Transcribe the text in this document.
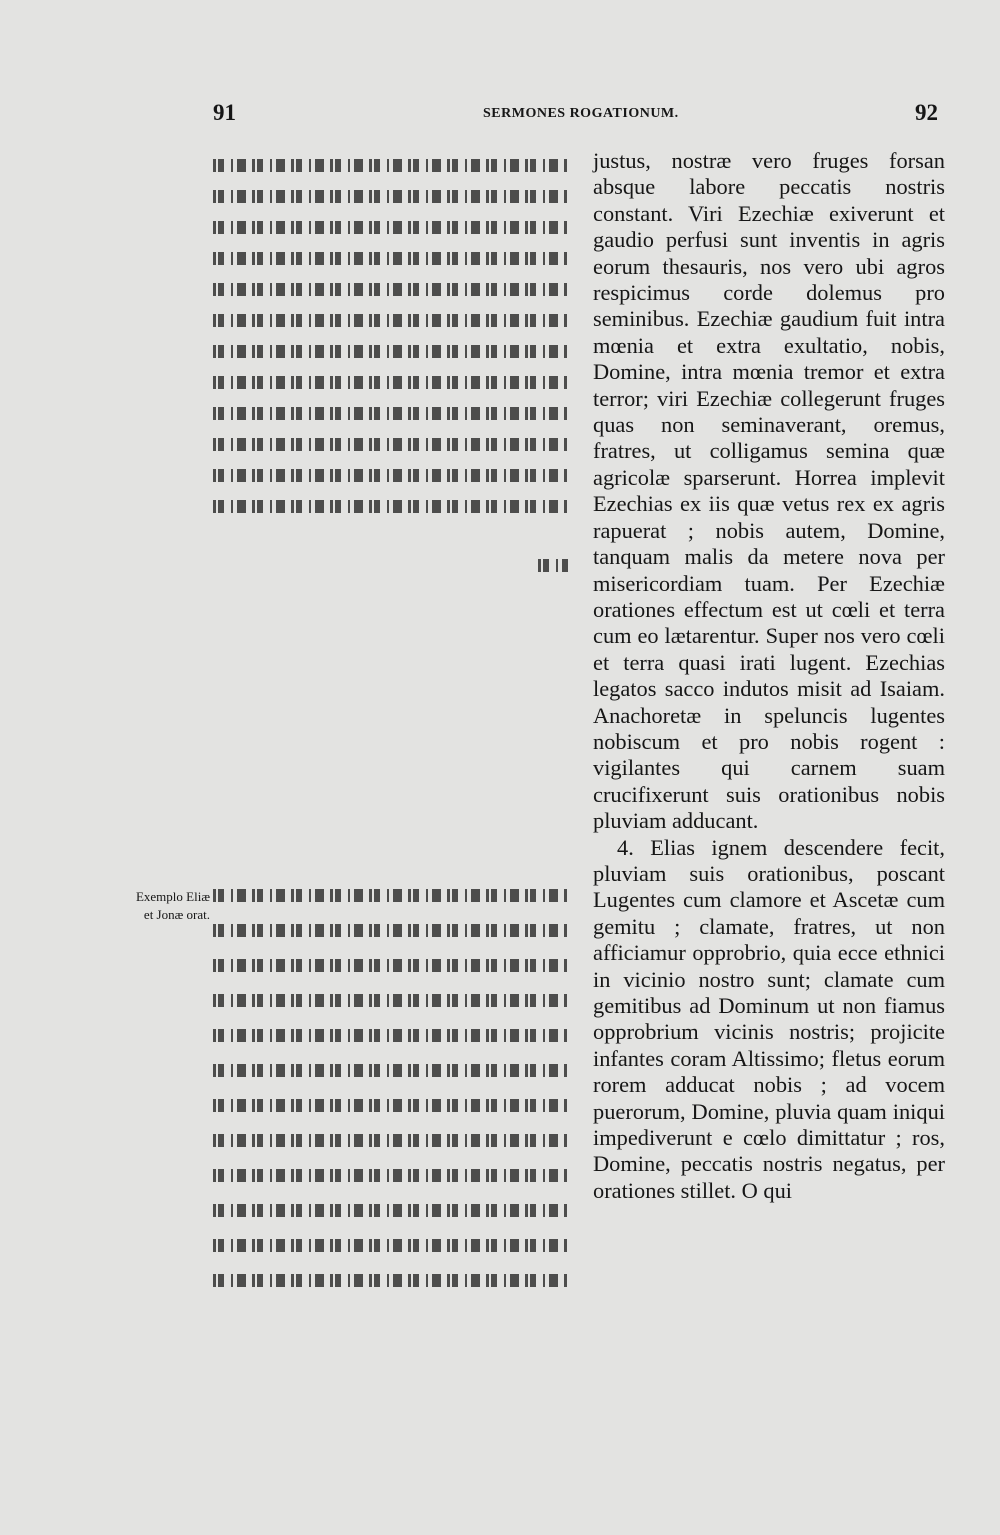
91	SERMONES ROGATIONUM.	92
Exemplo Eliæ et Jonæ orat.

justus, nostræ vero fruges forsan absque labore peccatis nostris constant. Viri Ezechiæ exiverunt et gaudio perfusi sunt inventis in agris eorum thesauris, nos vero ubi agros respicimus corde dolemus pro seminibus. Ezechiæ gaudium fuit intra mœnia et extra exultatio, nobis, Domine, intra mœnia tremor et extra terror; viri Ezechiæ collegerunt fruges quas non seminaverant, oremus, fratres, ut colligamus semina quæ agricolæ sparserunt. Horrea implevit Ezechias ex iis quæ vetus rex ex agris rapuerat ; nobis autem, Domine, tanquam malis da metere nova per misericordiam tuam. Per Ezechiæ orationes effectum est ut cœli et terra cum eo lætarentur. Super nos vero cœli et terra quasi irati lugent. Ezechias legatos sacco indutos misit ad Isaiam. Anachoretæ in speluncis lugentes nobiscum et pro nobis rogent : vigilantes qui carnem suam crucifixerunt suis orationibus nobis pluviam adducant.

4. Elias ignem descendere fecit, pluviam suis orationibus, poscant Lugentes cum clamore et Ascetæ cum gemitu ; clamate, fratres, ut non afficiamur opprobrio, quia ecce ethnici in vicinio nostro sunt; clamate cum gemitibus ad Dominum ut non fiamus opprobrium vicinis nostris; projicite infantes coram Altissimo; fletus eorum rorem adducat nobis ; ad vocem puerorum, Domine, pluvia quam iniqui impediverunt e cœlo dimittatur ; ros, Domine, peccatis nostris negatus, per orationes stillet. O qui
